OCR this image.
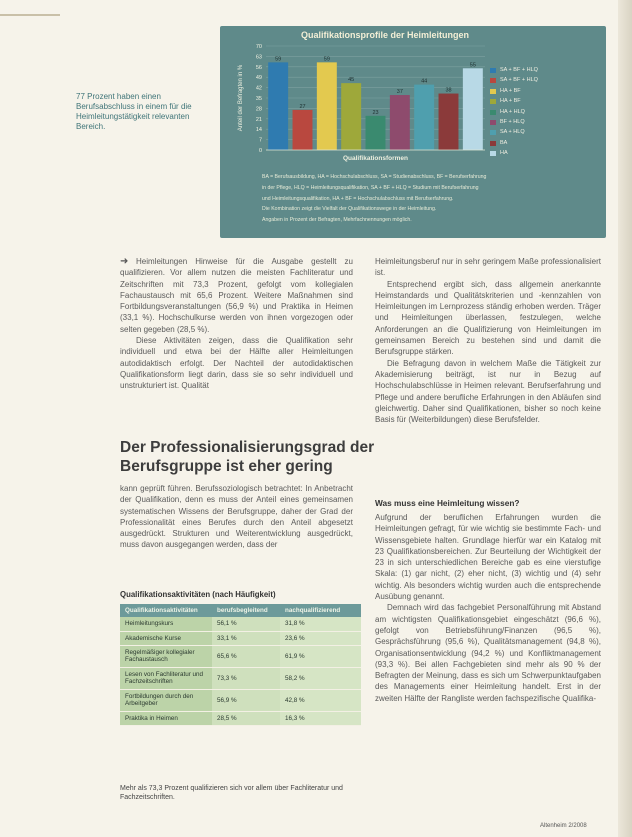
77 Prozent haben einen Berufsabschluss in einem für die Heimleitungstätigkeit relevanten Bereich.
Qualifikationsprofile der Heimleitungen
0
7
14
21
28
35
42
49
56
63
70
Anteil der Befragten in %
Qualifikationsformen
59
27
59
45
23
37
44
38
55
SA + BF + HLQ
SA + BF + HLQ
HA + BF
HA + BF
HA + HLQ
BF + HLQ
SA + HLQ
BA
HA

BA = Berufsausbildung, HA = Hochschulabschluss, SA = Studienabschluss, BF = Berufserfahrung

in der Pflege, HLQ = Heimleitungsqualifikation, SA + BF + HLQ = Studium mit Berufserfahrung

und Heimleitungsqualifikation, HA + BF = Hochschulabschluss mit Berufserfahrung.

Die Kombination zeigt die Vielfalt der Qualifikationswege in der Heimleitung.

Angaben in Prozent der Befragten, Mehrfachnennungen möglich.

➜ Heimleitungen Hinweise für die Ausgabe gestellt zu qualifizieren. Vor allem nutzen die meisten Fachliteratur und Zeitschriften mit 73,3 Prozent, gefolgt vom kollegialen Fachaustausch mit 65,6 Prozent. Weitere Maßnahmen sind Fortbildungsveranstaltungen (56,9 %) und Praktika in Heimen (33,1 %). Hochschulkurse werden von ihnen vorgezogen oder selten gegeben (28,5 %).

Diese Aktivitäten zeigen, dass die Qualifikation sehr individuell und etwa bei der Hälfte aller Heimleitungen autodidaktisch erfolgt. Der Nachteil der autodidaktischen Qualifikationsform liegt darin, dass sie so sehr individuell und unstrukturiert ist. Qualität

Der Professionalisierungsgrad der Berufsgruppe ist eher gering

kann geprüft führen. Berufssoziologisch betrachtet: In Anbetracht der Qualifikation, denn es muss der Anteil eines gemeinsamen systematischen Wissens der Berufsgruppe, daher der Grad der Professionalität eines Berufes durch den Anteil abgesetzt ausgedrückt. Strukturen und Weiterentwicklung ausgedrückt, muss davon ausgegangen werden, dass der

Heimleitungsberuf nur in sehr geringem Maße professionalisiert ist.

Entsprechend ergibt sich, dass allgemein anerkannte Heimstandards und Qualitätskriterien und -kennzahlen von Heimleitungen im Lernprozess ständig erhoben werden. Träger und Heimleitungen überlassen, festzulegen, welche Anforderungen an die Qualifizierung von Heimleitungen im gemeinsamen Bereich zu bestehen sind und damit die Berufsgruppe stärken.

Die Befragung davon in welchem Maße die Tätigkeit zur Akademisierung beiträgt, ist nur in Bezug auf Hochschulabschlüsse in Heimen relevant. Berufserfahrung und Pflege und andere berufliche Erfahrungen in den Abläufen sind gleichwertig. Daher sind Qualifikationen, bisher so noch keine Basis für (Weiterbildungen) diese Berufsfelder.

Was muss eine Heimleitung wissen?

Aufgrund der beruflichen Erfahrungen wurden die Heimleitungen gefragt, für wie wichtig sie bestimmte Fach- und Wissensgebiete halten. Grundlage hierfür war ein Katalog mit 23 Qualifikationsbereichen. Zur Beurteilung der Wichtigkeit der 23 in sich unterschiedlichen Bereiche gab es eine vierstufige Skala: (1) gar nicht, (2) eher nicht, (3) wichtig und (4) sehr wichtig. Als besonders wichtig wurden auch die entsprechende Ausübung genannt.

Demnach wird das fachgebiet Personalführung mit Abstand am wichtigsten Qualifikationsgebiet eingeschätzt (96,6 %), gefolgt von Betriebsführung/Finanzen (96,5 %), Gesprächsführung (95,6 %), Qualitätsmanagement (94,8 %), Organisationsentwicklung (94,2 %) und Konfliktmanagement (93,3 %). Bei allen Fachgebieten sind mehr als 90 % der Befragten der Meinung, dass es sich um Schwerpunktaufgaben des Managements einer Heimleitung handelt. Erst in der zweiten Hälfte der Rangliste werden fachspezifische Qualifika-

Qualifikationsaktivitäten (nach Häufigkeit)
Qualifikationsaktivitäten	berufsbegleitend	nachqualifizierend
Heimleitungskurs	56,1 %	31,8 %
Akademische Kurse	33,1 %	23,6 %
Regelmäßiger kollegialer Fachaustausch	65,6 %	61,9 %
Lesen von Fachliteratur und Fachzeitschriften	73,3 %	58,2 %
Fortbildungen durch den Arbeitgeber	56,9 %	42,8 %
Praktika in Heimen	28,5 %	16,3 %
Mehr als 73,3 Prozent qualifizieren sich vor allem über Fachliteratur und Fachzeitschriften.
Altenheim 2/2008
